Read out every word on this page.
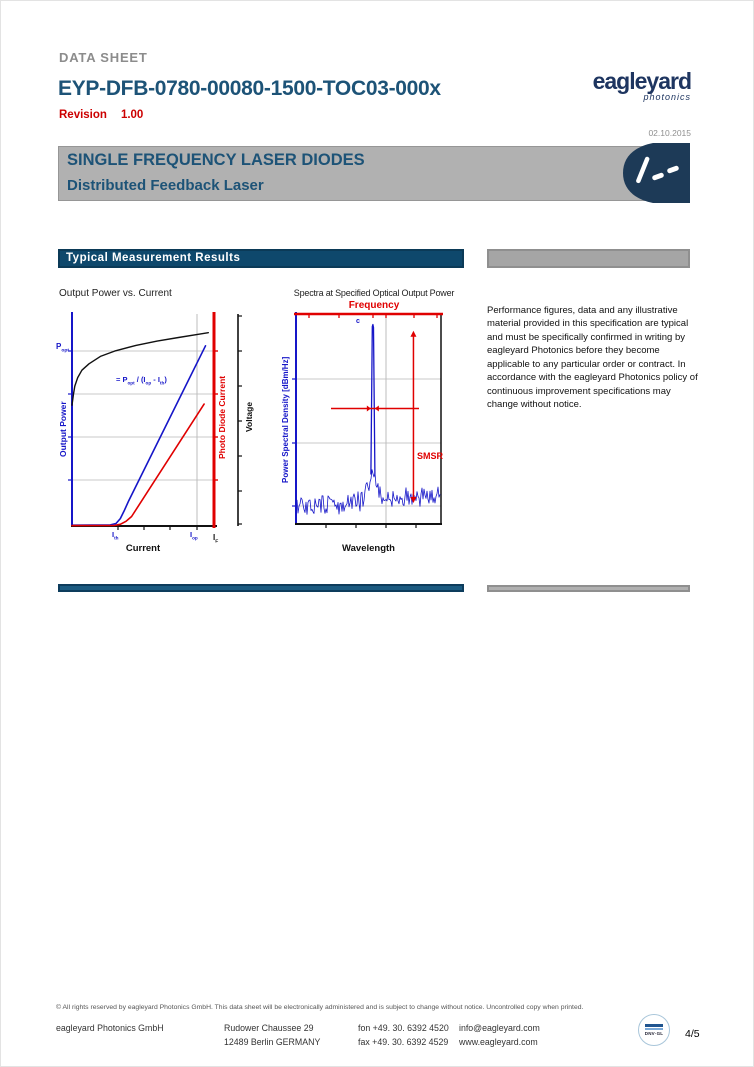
DATA SHEET
EYP-DFB-0780-00080-1500-TOC03-000x
Revision 1.00
eagleyard
photonics
02.10.2015
SINGLE FREQUENCY LASER DIODES
Distributed Feedback Laser
Typical Measurement Results
Output Power vs. Current
$P_{opt}$
Output Power
= $P_{opt} / (I_{op} - I_{th})$	Photo Diode Current Voltage
$I_{th}$	$I_{op}$ $I_F$
Current
Spectra at Specified Optical Output Power
Frequency
Power Spectral Density [dBm/Hz]	SMSR
c
Wavelength

Performance figures, data and any illustrative material provided in this specification are typical and must be specifically confirmed in writing by eagleyard Photonics before they become applicable to any particular order or contract. In accordance with the eagleyard Photonics policy of continuous improvement specifications may change without notice.

© All rights reserved by eagleyard Photonics GmbH. This data sheet will be electronically administered and is subject to change without notice. Uncontrolled copy when printed.
eagleyard Photonics GmbH	Rudower Chaussee 29
12489 Berlin GERMANY
fon +49. 30. 6392 4520
fax +49. 30. 6392 4529
info@eagleyard.com
www.eagleyard.com
DNV·GL 4/5
